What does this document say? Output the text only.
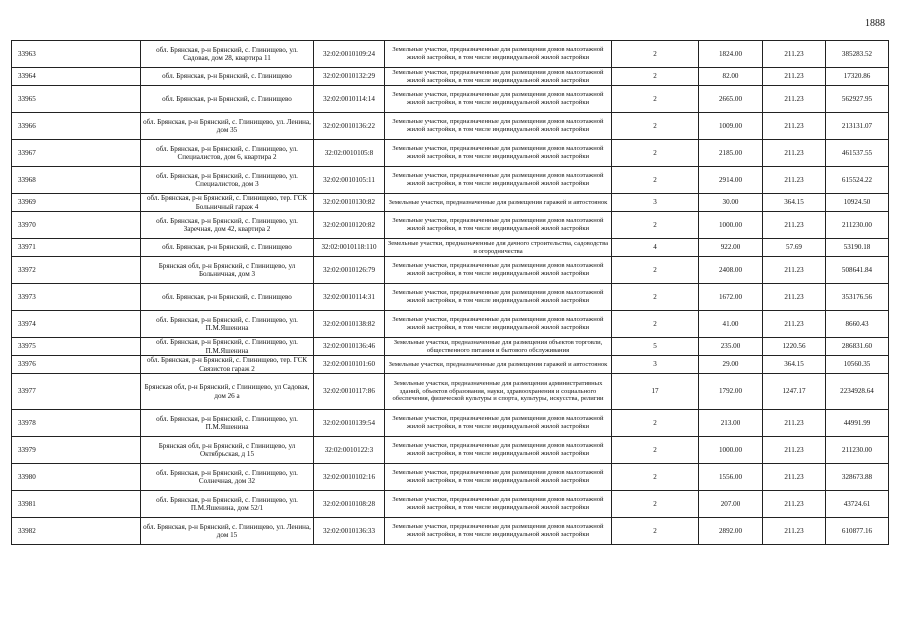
1888
33963	обл. Брянская, р-н Брянский, с. Глинищево, ул. Садовая, дом 28, квартира 11	32:02:0010109:24	Земельные участки, предназначенные для размещения домов малоэтажной жилой застройки, в том числе индивидуальной жилой застройки	2	1824.00	211.23	385283.52
33964	обл. Брянская, р-н Брянский, с. Глинищево	32:02:0010132:29	Земельные участки, предназначенные для размещения домов малоэтажной жилой застройки, в том числе индивидуальной жилой застройки	2	82.00	211.23	17320.86
33965	обл. Брянская, р-н Брянский, с. Глинищево	32:02:0010114:14	Земельные участки, предназначенные для размещения домов малоэтажной жилой застройки, в том числе индивидуальной жилой застройки	2	2665.00	211.23	562927.95
33966	обл. Брянская, р-н Брянский, с. Глинищево, ул. Ленина, дом 35	32:02:0010136:22	Земельные участки, предназначенные для размещения домов малоэтажной жилой застройки, в том числе индивидуальной жилой застройки	2	1009.00	211.23	213131.07
33967	обл. Брянская, р-н Брянский, с. Глинищево, ул. Специалистов, дом 6, квартира 2	32:02:0010105:8	Земельные участки, предназначенные для размещения домов малоэтажной жилой застройки, в том числе индивидуальной жилой застройки	2	2185.00	211.23	461537.55
33968	обл. Брянская, р-н Брянский, с. Глинищево, ул. Специалистов, дом 3	32:02:0010105:11	Земельные участки, предназначенные для размещения домов малоэтажной жилой застройки, в том числе индивидуальной жилой застройки	2	2914.00	211.23	615524.22
33969	обл. Брянская, р-н Брянский, с. Глинищево, тер. ГСК Больничный гараж 4	32:02:0010130:82	Земельные участки, предназначенные для размещения гаражей и автостоянок	3	30.00	364.15	10924.50
33970	обл. Брянская, р-н Брянский, с. Глинищево, ул. Заречная, дом 42, квартира 2	32:02:0010120:82	Земельные участки, предназначенные для размещения домов малоэтажной жилой застройки, в том числе индивидуальной жилой застройки	2	1000.00	211.23	211230.00
33971	обл. Брянская, р-н Брянский, с. Глинищево	32:02:0010118:110	Земельные участки, предназначенные для дачного строительства, садоводства и огородничества	4	922.00	57.69	53190.18
33972	Брянская обл, р-н Брянский, с Глинищево, ул Больничная, дом 3	32:02:0010126:79	Земельные участки, предназначенные для размещения домов малоэтажной жилой застройки, в том числе индивидуальной жилой застройки	2	2408.00	211.23	508641.84
33973	обл. Брянская, р-н Брянский, с. Глинищево	32:02:0010114:31	Земельные участки, предназначенные для размещения домов малоэтажной жилой застройки, в том числе индивидуальной жилой застройки	2	1672.00	211.23	353176.56
33974	обл. Брянская, р-н Брянский, с. Глинищево, ул. П.М.Яшенина	32:02:0010138:82	Земельные участки, предназначенные для размещения домов малоэтажной жилой застройки, в том числе индивидуальной жилой застройки	2	41.00	211.23	8660.43
33975	обл. Брянская, р-н Брянский, с. Глинищево, ул. П.М.Яшенина	32:02:0010136:46	Земельные участки, предназначенные для размещения объектов торговли, общественного питания и бытового обслуживания	5	235.00	1220.56	286831.60
33976	обл. Брянская, р-н Брянский, с. Глинищево, тер. ГСК Связистов гараж 2	32:02:0010101:60	Земельные участки, предназначенные для размещения гаражей и автостоянок	3	29.00	364.15	10560.35
33977	Брянская обл, р-н Брянский, с Глинищево, ул Садовая, дом 26 а	32:02:0010117:86	Земельные участки, предназначенные для размещения административных зданий, объектов образования, науки, здравоохранения и социального обеспечения, физической культуры и спорта, культуры, искусства, религии	17	1792.00	1247.17	2234928.64
33978	обл. Брянская, р-н Брянский, с. Глинищево, ул. П.М.Яшенина	32:02:0010139:54	Земельные участки, предназначенные для размещения домов малоэтажной жилой застройки, в том числе индивидуальной жилой застройки	2	213.00	211.23	44991.99
33979	Брянская обл, р-н Брянский, с Глинищево, ул Октябрьская, д 15	32:02:0010122:3	Земельные участки, предназначенные для размещения домов малоэтажной жилой застройки, в том числе индивидуальной жилой застройки	2	1000.00	211.23	211230.00
33980	обл. Брянская, р-н Брянский, с. Глинищево, ул. Солнечная, дом 32	32:02:0010102:16	Земельные участки, предназначенные для размещения домов малоэтажной жилой застройки, в том числе индивидуальной жилой застройки	2	1556.00	211.23	328673.88
33981	обл. Брянская, р-н Брянский, с. Глинищево, ул. П.М.Яшенина, дом 52/1	32:02:0010108:28	Земельные участки, предназначенные для размещения домов малоэтажной жилой застройки, в том числе индивидуальной жилой застройки	2	207.00	211.23	43724.61
33982	обл. Брянская, р-н Брянский, с. Глинищево, ул. Ленина, дом 15	32:02:0010136:33	Земельные участки, предназначенные для размещения домов малоэтажной жилой застройки, в том числе индивидуальной жилой застройки	2	2892.00	211.23	610877.16
